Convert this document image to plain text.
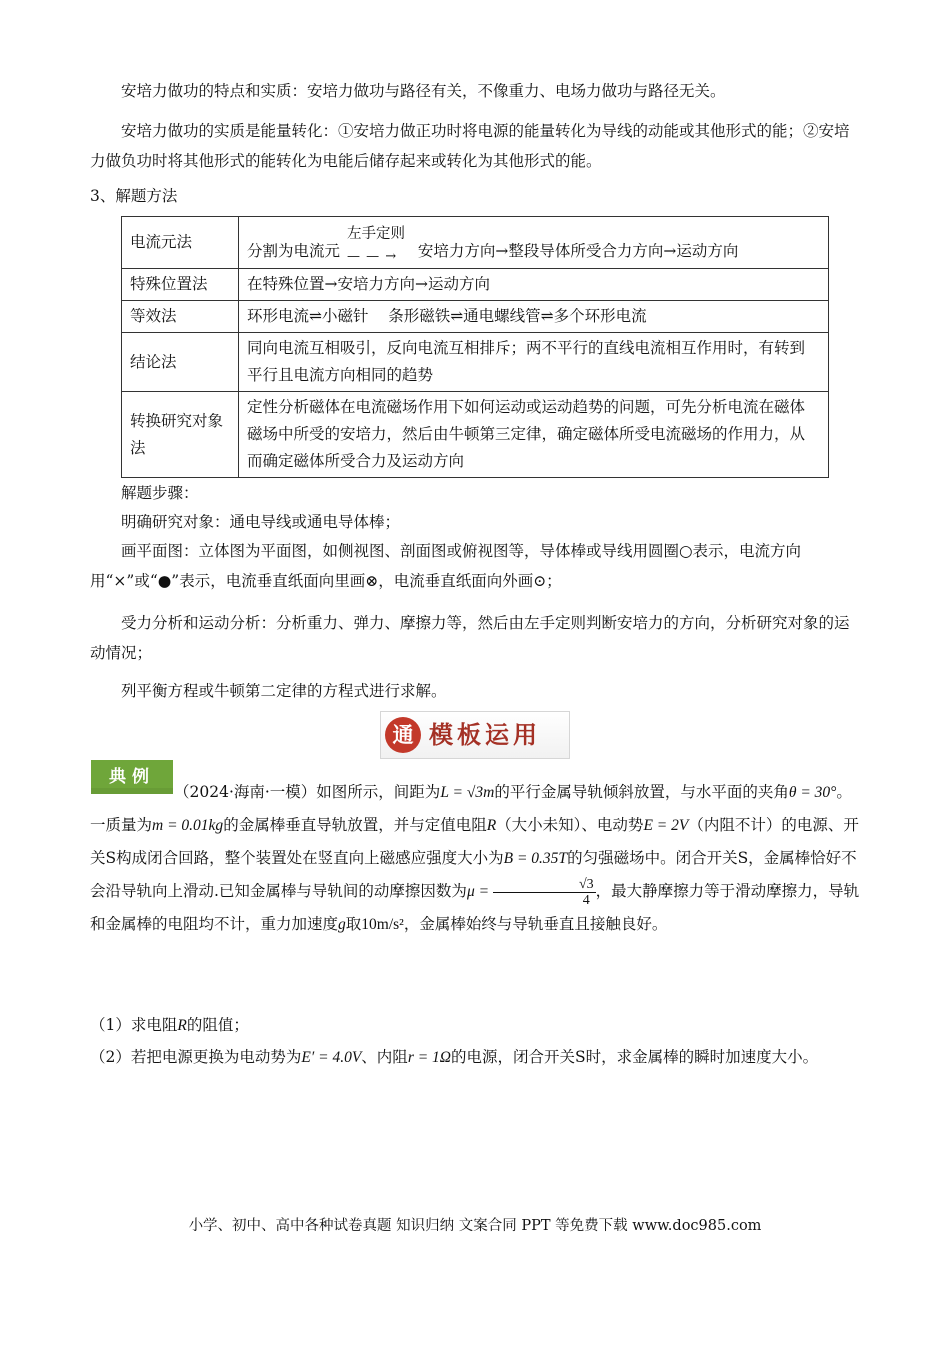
安培力做功的特点和实质：安培力做功与路径有关，不像重力、电场力做功与路径无关。

安培力做功的实质是能量转化：①安培力做正功时将电源的能量转化为导线的动能或其他形式的能；②安培力做负功时将其他形式的能转化为电能后储存起来或转化为其他形式的能。

3、解题方法

电流元法	分割为电流元
左手定则
— — → 安培力方向→整段导体所受合力方向→运动方向
特殊位置法	在特殊位置→安培力方向→运动方向
等效法	环形电流⇌小磁针    条形磁铁⇌通电螺线管⇌多个环形电流
结论法	同向电流互相吸引，反向电流互相排斥；两不平行的直线电流相互作用时，有转到平行且电流方向相同的趋势
转换研究对象法	定性分析磁体在电流磁场作用下如何运动或运动趋势的问题，可先分析电流在磁体磁场中所受的安培力，然后由牛顿第三定律，确定磁体所受电流磁场的作用力，从而确定磁体所受合力及运动方向

解题步骤：

明确研究对象：通电导线或通电导体棒；

画平面图：立体图为平面图，如侧视图、剖面图或俯视图等，导体棒或导线用圆圈○表示，电流方向用“×”或“●”表示，电流垂直纸面向里画⊗，电流垂直纸面向外画⊙；

受力分析和运动分析：分析重力、弹力、摩擦力等，然后由左手定则判断安培力的方向，分析研究对象的运动情况；

列平衡方程或牛顿第二定律的方程式进行求解。

通 模板运用
典例

（2024·海南·一模）如图所示，间距为L = √3m的平行金属导轨倾斜放置，与水平面的夹角θ = 30°。一质量为m = 0.01kg的金属棒垂直导轨放置，并与定值电阻R（大小未知）、电动势E = 2V（内阻不计）的电源、开关S构成闭合回路，整个装置处在竖直向上磁感应强度大小为B = 0.35T的匀强磁场中。闭合开关S，金属棒恰好不会沿导轨向上滑动.已知金属棒与导轨间的动摩擦因数为$\mu = \frac{√3}{4}$ ，最大静摩擦力等于滑动摩擦力，导轨和金属棒的电阻均不计，重力加速度g取10m/s²，金属棒始终与导轨垂直且接触良好。

（1）求电阻R的阻值；

（2）若把电源更换为电动势为E′ = 4.0V、内阻r = 1Ω的电源，闭合开关S时，求金属棒的瞬时加速度大小。

小学、初中、高中各种试卷真题 知识归纳 文案合同 PPT 等免费下载 www.doc985.com
